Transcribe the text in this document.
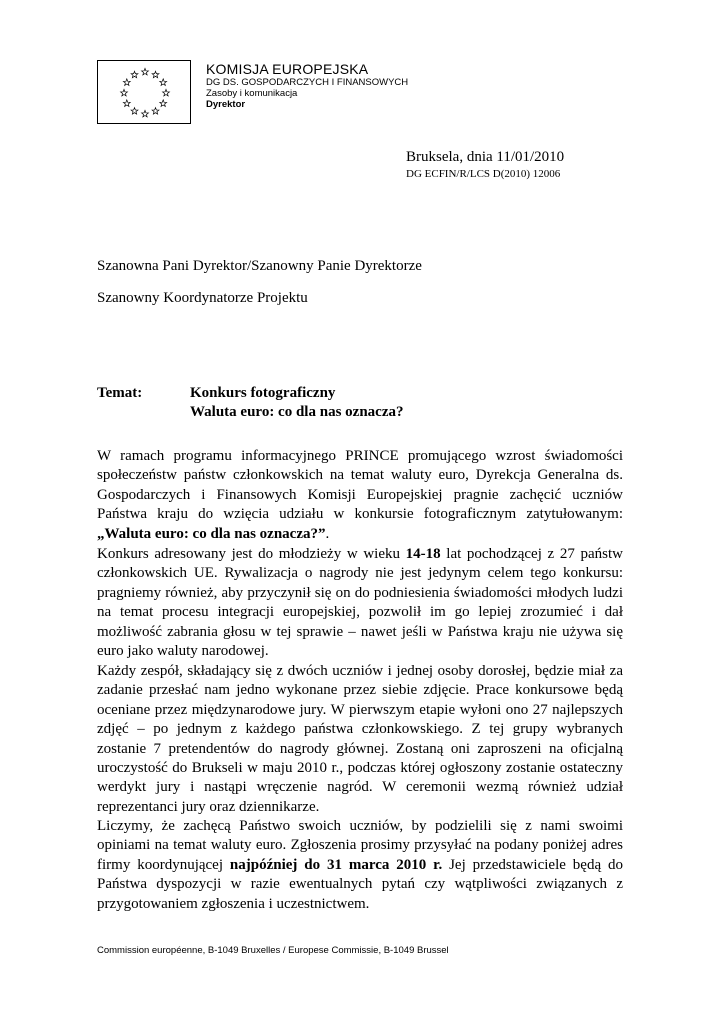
KOMISJA EUROPEJSKA
DG DS. GOSPODARCZYCH I FINANSOWYCH
Zasoby i komunikacja
Dyrektor
Bruksela, dnia 11/01/2010
DG ECFIN/R/LCS D(2010) 12006
Szanowna Pani Dyrektor/Szanowny Panie Dyrektorze
Szanowny Koordynatorze Projektu
Temat:	Konkurs fotograficzny
Waluta euro: co dla nas oznacza?
W ramach programu informacyjnego PRINCE promującego wzrost świadomości społeczeństw państw członkowskich na temat waluty euro, Dyrekcja Generalna ds. Gospodarczych i Finansowych Komisji Europejskiej pragnie zachęcić uczniów Państwa kraju do wzięcia udziału w konkursie fotograficznym zatytułowanym: „Waluta euro: co dla nas oznacza?”.
Konkurs adresowany jest do młodzieży w wieku 14-18 lat pochodzącej z 27 państw członkowskich UE. Rywalizacja o nagrody nie jest jedynym celem tego konkursu: pragniemy również, aby przyczynił się on do podniesienia świadomości młodych ludzi na temat procesu integracji europejskiej, pozwolił im go lepiej zrozumieć i dał możliwość zabrania głosu w tej sprawie – nawet jeśli w Państwa kraju nie używa się euro jako waluty narodowej.
Każdy zespół, składający się z dwóch uczniów i jednej osoby dorosłej, będzie miał za zadanie przesłać nam jedno wykonane przez siebie zdjęcie. Prace konkursowe będą oceniane przez międzynarodowe jury. W pierwszym etapie wyłoni ono 27 najlepszych zdjęć – po jednym z każdego państwa członkowskiego. Z tej grupy wybranych zostanie 7 pretendentów do nagrody głównej. Zostaną oni zaproszeni na oficjalną uroczystość do Brukseli w maju 2010 r., podczas której ogłoszony zostanie ostateczny werdykt jury i nastąpi wręczenie nagród. W ceremonii wezmą również udział reprezentanci jury oraz dziennikarze.
Liczymy, że zachęcą Państwo swoich uczniów, by podzielili się z nami swoimi opiniami na temat waluty euro. Zgłoszenia prosimy przysyłać na podany poniżej adres firmy koordynującej najpóźniej do 31 marca 2010 r. Jej przedstawiciele będą do Państwa dyspozycji w razie ewentualnych pytań czy wątpliwości związanych z przygotowaniem zgłoszenia i uczestnictwem.
Commission européenne, B-1049 Bruxelles / Europese Commissie, B-1049 Brussel
